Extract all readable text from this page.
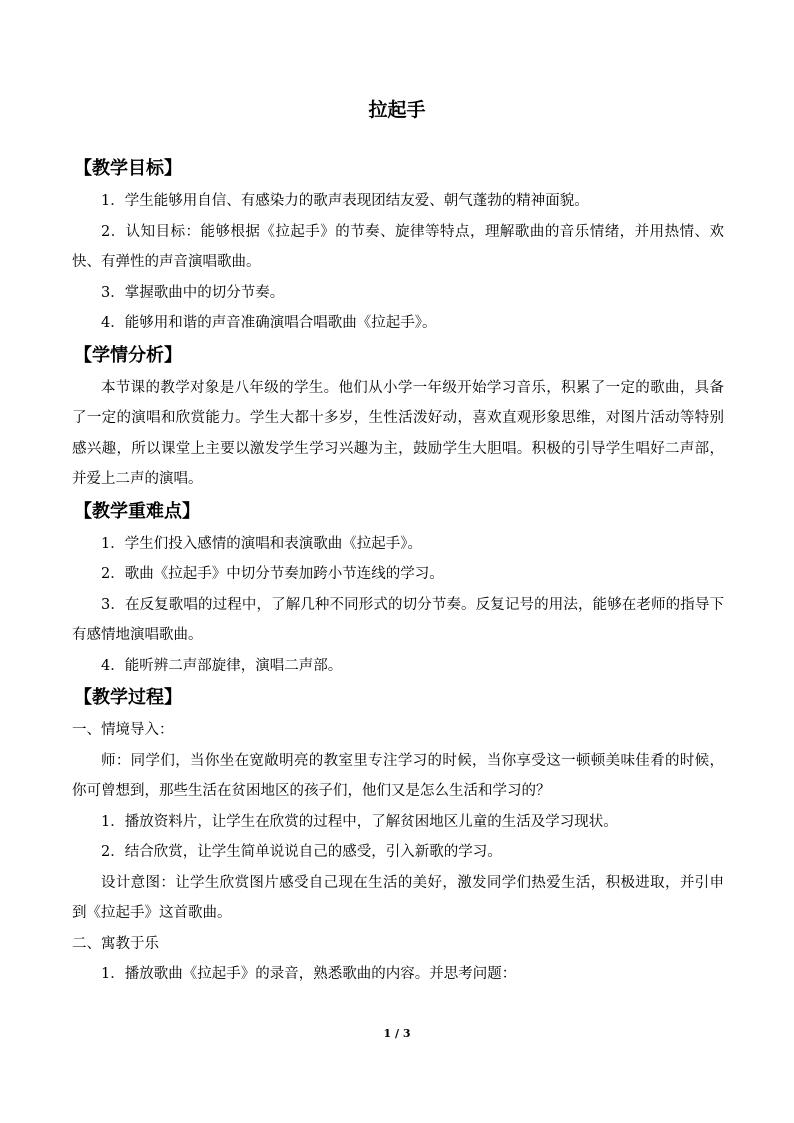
拉起手
【教学目标】

1．学生能够用自信、有感染力的歌声表现团结友爱、朝气蓬勃的精神面貌。

2．认知目标：能够根据《拉起手》的节奏、旋律等特点，理解歌曲的音乐情绪，并用热情、欢快、有弹性的声音演唱歌曲。

3．掌握歌曲中的切分节奏。

4．能够用和谐的声音准确演唱合唱歌曲《拉起手》。

【学情分析】

本节课的教学对象是八年级的学生。他们从小学一年级开始学习音乐，积累了一定的歌曲，具备了一定的演唱和欣赏能力。学生大都十多岁，生性活泼好动，喜欢直观形象思维，对图片活动等特别感兴趣，所以课堂上主要以激发学生学习兴趣为主，鼓励学生大胆唱。积极的引导学生唱好二声部，并爱上二声的演唱。

【教学重难点】

1．学生们投入感情的演唱和表演歌曲《拉起手》。

2．歌曲《拉起手》中切分节奏加跨小节连线的学习。

3．在反复歌唱的过程中，了解几种不同形式的切分节奏。反复记号的用法，能够在老师的指导下有感情地演唱歌曲。

4．能听辨二声部旋律，演唱二声部。

【教学过程】

一、情境导入：

师：同学们，当你坐在宽敞明亮的教室里专注学习的时候，当你享受这一顿顿美味佳肴的时候，你可曾想到，那些生活在贫困地区的孩子们，他们又是怎么生活和学习的？

1．播放资料片，让学生在欣赏的过程中，了解贫困地区儿童的生活及学习现状。

2．结合欣赏，让学生简单说说自己的感受，引入新歌的学习。

设计意图：让学生欣赏图片感受自己现在生活的美好，激发同学们热爱生活，积极进取，并引申到《拉起手》这首歌曲。

二、寓教于乐

1．播放歌曲《拉起手》的录音，熟悉歌曲的内容。并思考问题：

1 / 3
